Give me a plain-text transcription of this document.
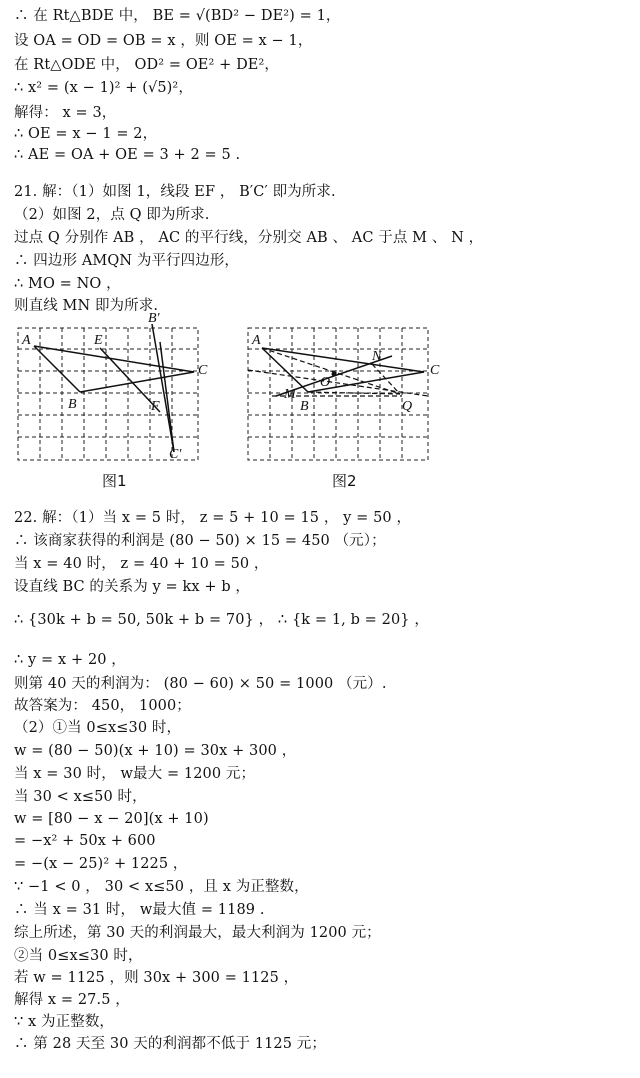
∴ 在 Rt△BDE 中， BE = √(BD² − DE²) = 1，
设 OA = OD = OB = x ，则 OE = x − 1，
在 Rt△ODE 中， OD² = OE² + DE²，
∴ x² = (x − 1)² + (√5)²，
解得： x = 3，
∴ OE = x − 1 = 2，
∴ AE = OA + OE = 3 + 2 = 5 .
21. 解：（1）如图 1，线段 EF ， B′C′ 即为所求.
（2）如图 2，点 Q 即为所求.
过点 Q 分别作 AB ， AC 的平行线，分别交 AB 、 AC 于点 M 、 N ，
∴ 四边形 AMQN 为平行四边形，
∴ MO = NO ，
则直线 MN 即为所求.
A	E
B
B′
C
F
C′
图1
A
N
C
O
M
B	Q
图2
22. 解：（1）当 x = 5 时， z = 5 + 10 = 15 ， y = 50 ，
∴ 该商家获得的利润是 (80 − 50) × 15 = 450 （元）；
当 x = 40 时， z = 40 + 10 = 50 ，
设直线 BC 的关系为 y = kx + b ，
∴ {30k + b = 50, 50k + b = 70} ， ∴ {k = 1, b = 20} ，
∴ y = x + 20 ，
则第 40 天的利润为： (80 − 60) × 50 = 1000 （元）.
故答案为： 450， 1000；
（2）①当 0≤x≤30 时，
w = (80 − 50)(x + 10) = 30x + 300 ，
当 x = 30 时， w最大 = 1200 元；
当 30 < x≤50 时，
w = [80 − x − 20](x + 10)
= −x² + 50x + 600
= −(x − 25)² + 1225 ，
∵ −1 < 0 ， 30 < x≤50 ，且 x 为正整数，
∴ 当 x = 31 时， w最大值 = 1189 .
综上所述，第 30 天的利润最大，最大利润为 1200 元；
②当 0≤x≤30 时，
若 w = 1125 ，则 30x + 300 = 1125 ，
解得 x = 27.5 ，
∵ x 为正整数，
∴ 第 28 天至 30 天的利润都不低于 1125 元；
